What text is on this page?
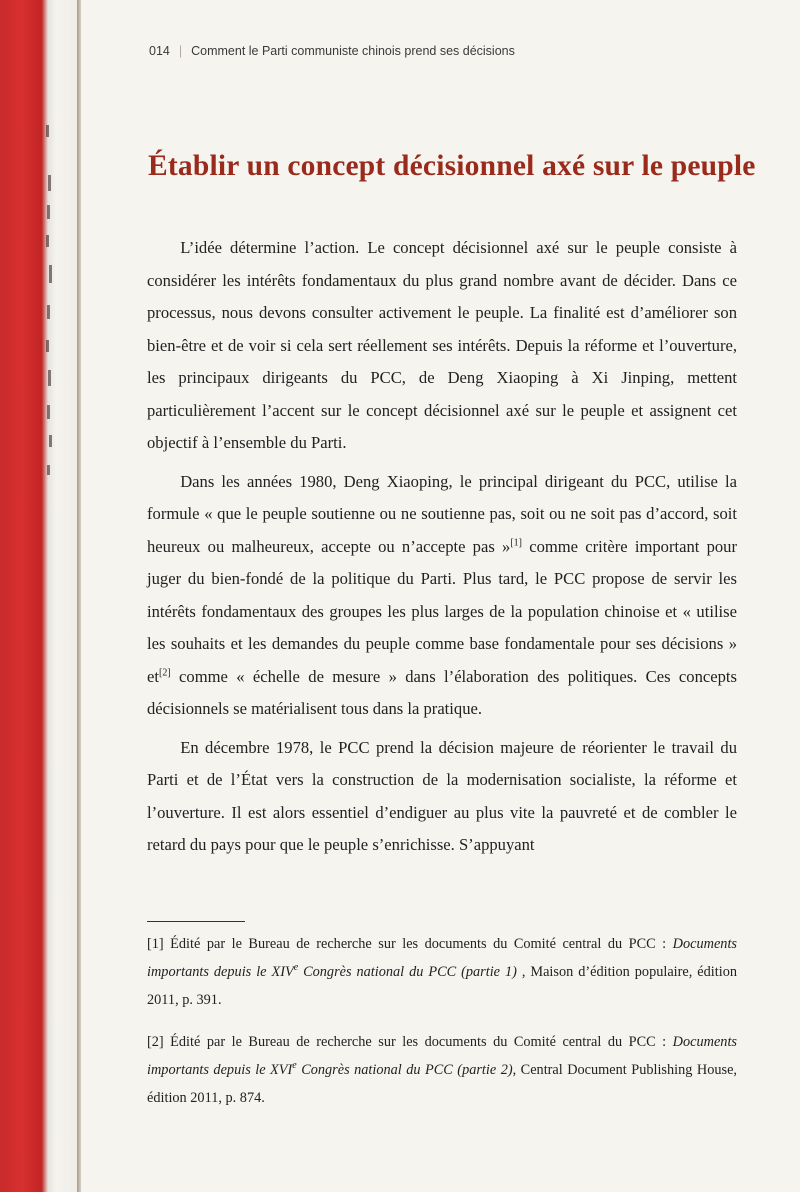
014 | Comment le Parti communiste chinois prend ses décisions
Établir un concept décisionnel axé sur le peuple

L’idée détermine l’action. Le concept décisionnel axé sur le peuple consiste à considérer les intérêts fondamentaux du plus grand nombre avant de décider. Dans ce processus, nous devons consulter activement le peuple. La finalité est d’améliorer son bien-être et de voir si cela sert réellement ses intérêts. Depuis la réforme et l’ouverture, les principaux dirigeants du PCC, de Deng Xiaoping à Xi Jinping, mettent particulièrement l’accent sur le concept décisionnel axé sur le peuple et assignent cet objectif à l’ensemble du Parti.

Dans les années 1980, Deng Xiaoping, le principal dirigeant du PCC, utilise la formule « que le peuple soutienne ou ne soutienne pas, soit ou ne soit pas d’accord, soit heureux ou malheureux, accepte ou n’accepte pas »[1] comme critère important pour juger du bien-fondé de la politique du Parti. Plus tard, le PCC propose de servir les intérêts fondamentaux des groupes les plus larges de la population chinoise et « utilise les souhaits et les demandes du peuple comme base fondamentale pour ses décisions » et[2] comme « échelle de mesure » dans l’élaboration des politiques. Ces concepts décisionnels se matérialisent tous dans la pratique.

En décembre 1978, le PCC prend la décision majeure de réorienter le travail du Parti et de l’État vers la construction de la modernisation socialiste, la réforme et l’ouverture. Il est alors essentiel d’endiguer au plus vite la pauvreté et de combler le retard du pays pour que le peuple s’enrichisse. S’appuyant

[1] Édité par le Bureau de recherche sur les documents du Comité central du PCC : Documents importants depuis le XIVe Congrès national du PCC (partie 1) , Maison d’édition populaire, édition 2011, p. 391.
[2] Édité par le Bureau de recherche sur les documents du Comité central du PCC : Documents importants depuis le XVIe Congrès national du PCC (partie 2), Central Document Publishing House, édition 2011, p. 874.
